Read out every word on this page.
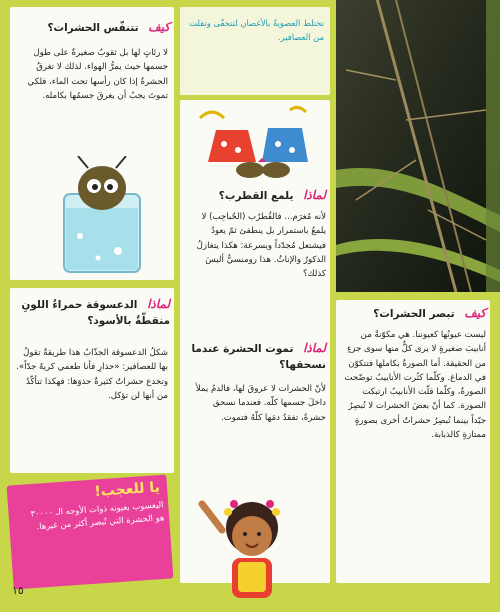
تختلط العصويةُ بالأغصان لتتخفّى وتفلت من العصافير.
كيف تتنفّس الحشرات؟
لا رئاتٍ لها بل ثقوبٌ صغيرةٌ على طول جسمها حيث يمرُّ الهواء. لذلك لا تغرقُ الحشرةُ إذا كان رأسها تحت الماء، فلكي تموتَ يجبُ أن يغرقَ جسمُها بكامله.
لماذا يلمع القطرب؟
لأنه مُغرَم... فالقُطرُب (الحُباحِب) لا يلمعُ باستمرار بل ينطفئ ثمّ يعودُ فيشتعل مُجدّداً وبسرعة: هكذا يتغازلُ الذكورُ والإناثُ. هذا رومنسيٌّ أليسَ كذلك؟
لماذا تموت الحشرة عندما نسحقها؟
لأنّ الحشرات لا عروقَ لها، فالدمُ يملأ داخلَ جسمها كلّه. فعندما نسحق حشرةً، تفقدُ دمَها كلّهُ فتموت.
لماذا الدعسوقة حمراءُ اللونِ منقطّةٌ بالأسود؟
شكلُ الدعسوقة الجذّابُ هذا طريقةٌ تقولُ بها للعصافير: «حذارِ فأنا طعمي كريهٌ جدّاً». وتخدع حشراتٌ كثيرةٌ حذوَها: فهكذا تتأكّدُ من أنها لن تؤكل.
كيف تبصر الحشرات؟
ليست عيونُها كعيوننا. هي مكوّنةٌ من أنابيبَ صغيرةٍ لا يرى كلٌّ منها سوى جزءٍ من الحقيقة. أما الصورةُ بكاملها فتتكوّن في الدماغ. وكلّما كثُرت الأنابيبُ توضّحت الصورةُ، وكلّما قلّت الأنابيبُ ارتبكت الصورة. كما أنّ بعضَ الحشرات لا تُبصِرُ جيّداً بينما تُبصِرُ حشراتٌ أخرى بصورةٍ ممتازةٍ كالذبابة.
يا للعجب!
اليعسوب بعيونه ذوات الأوجه الـ ٣٠٠٠٠ هو الحشرة التي تُبصر أكثر من غيرها.
١٥
